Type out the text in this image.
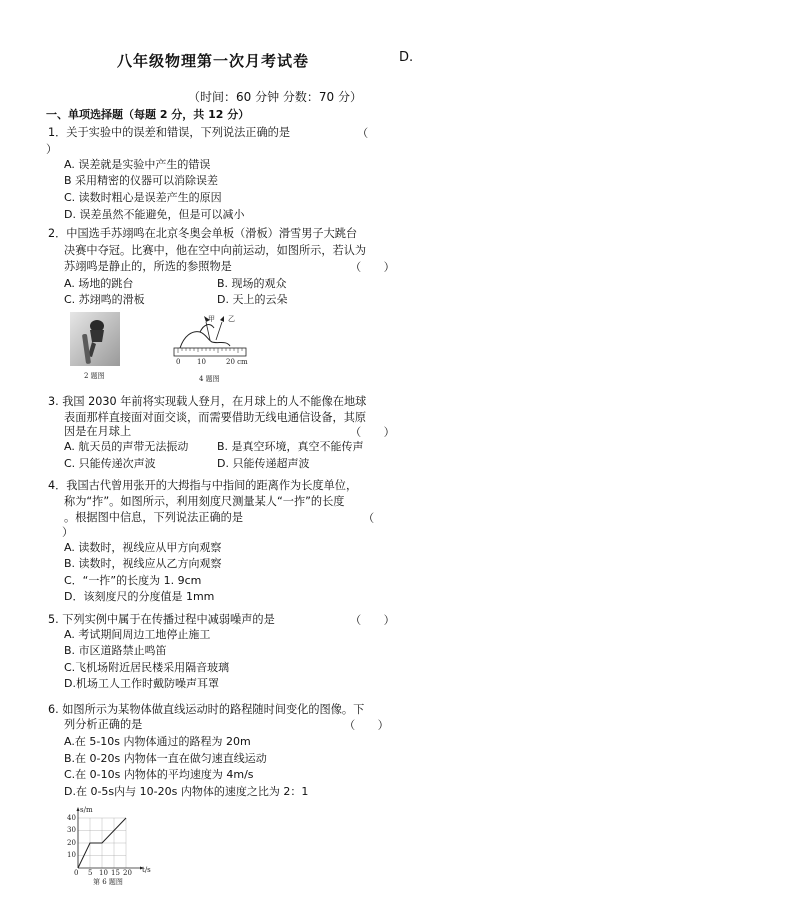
八年级物理第一次月考试卷	D.
（时间：60 分钟 分数：70 分）
一、单项选择题（每题 2 分，共 12 分）
1．关于实验中的误差和错误，下列说法正确的是	（
）
A. 误差就是实验中产生的错误
B 采用精密的仪器可以消除误差
C. 读数时粗心是误差产生的原因
D. 误差虽然不能避免，但是可以减小
2．中国选手苏翊鸣在北京冬奥会单板（滑板）滑雪男子大跳台
决赛中夺冠。比赛中，他在空中向前运动，如图所示，若认为
苏翊鸣是静止的，所选的参照物是	（　　）
A. 场地的跳台	B. 现场的观众
C. 苏翊鸣的滑板	D. 天上的云朵
2 题图
甲 乙
0 10	20 cm
4 题图
3. 我国 2030 年前将实现载人登月，在月球上的人不能像在地球
表面那样直接面对面交谈，而需要借助无线电通信设备，其原
因是在月球上	（　　）
A. 航天员的声带无法振动	B. 是真空环境，真空不能传声
C. 只能传递次声波	D. 只能传递超声波
4．我国古代曾用张开的大拇指与中指间的距离作为长度单位，
称为“拃”。如图所示，利用刻度尺测量某人“一拃”的长度
。根据图中信息，下列说法正确的是	（
）
A. 读数时，视线应从甲方向观察
B. 读数时，视线应从乙方向观察
C．“一拃”的长度为 1. 9cm
D．该刻度尺的分度值是 1mm
5. 下列实例中属于在传播过程中减弱噪声的是	（　　）
A. 考试期间周边工地停止施工
B. 市区道路禁止鸣笛
C.飞机场附近居民楼采用隔音玻璃
D.机场工人工作时戴防噪声耳罩
6. 如图所示为某物体做直线运动时的路程随时间变化的图像。下
列分析正确的是	（　　）
A.在 5-10s 内物体通过的路程为 20m
B.在 0-20s 内物体一直在做匀速直线运动
C.在 0-10s 内物体的平均速度为 4m/s
D.在 0-5s内与 10-20s 内物体的速度之比为 2：1
s/m
t/s
40
30
20
10
0 5 10 15 20
第 6 题图
